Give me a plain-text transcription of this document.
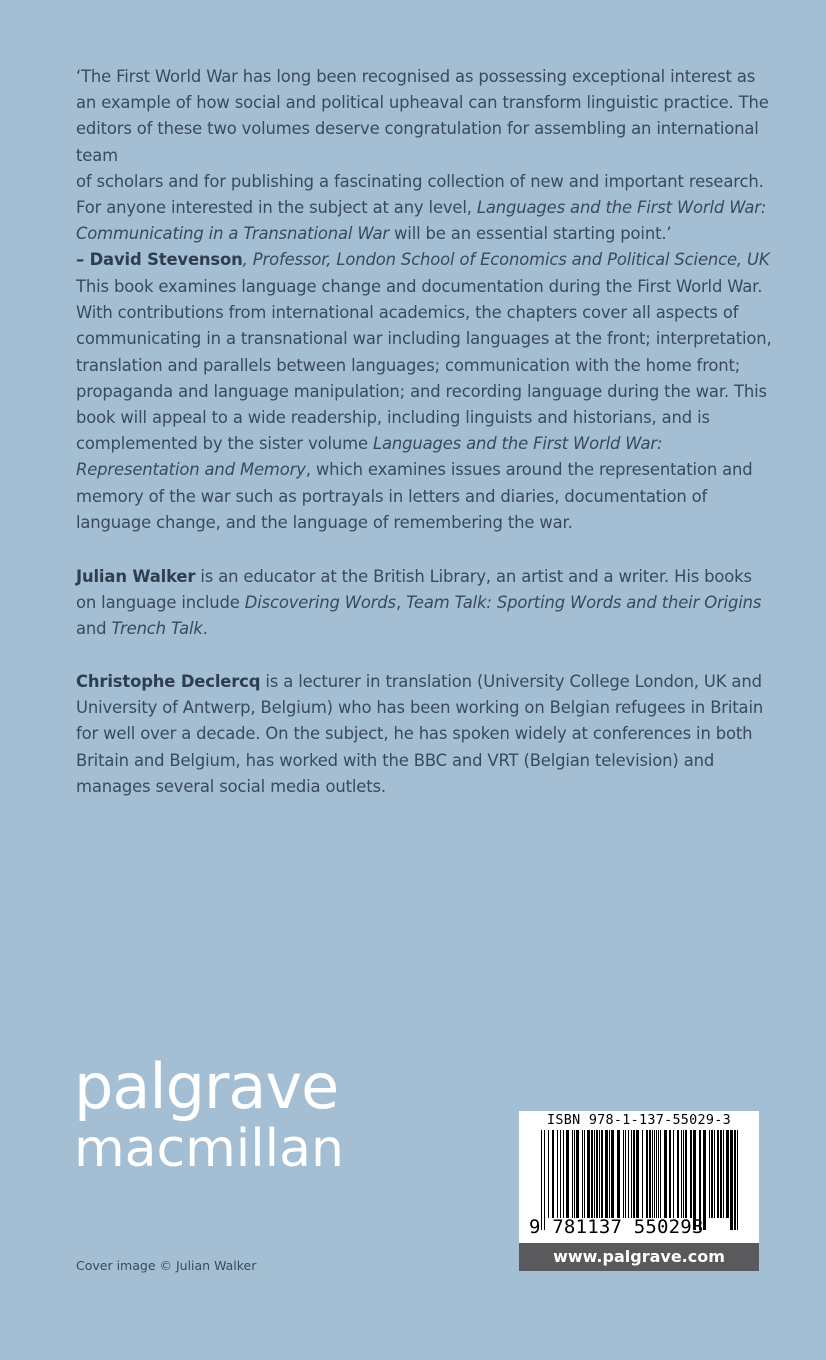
‘The First World War has long been recognised as possessing exceptional interest as
an example of how social and political upheaval can transform linguistic practice. The
editors of these two volumes deserve congratulation for assembling an international team
of scholars and for publishing a fascinating collection of new and important research.
For anyone interested in the subject at any level, Languages and the First World War:
Communicating in a Transnational War will be an essential starting point.’
– David Stevenson, Professor, London School of Economics and Political Science, UK

This book examines language change and documentation during the First World War. With contributions from international academics, the chapters cover all aspects of communicating in a transnational war including languages at the front; interpretation, translation and parallels between languages; communication with the home front; propaganda and language manipulation; and recording language during the war. This book will appeal to a wide readership, including linguists and historians, and is complemented by the sister volume Languages and the First World War: Representation and Memory, which examines issues around the representation and memory of the war such as portrayals in letters and diaries, documentation of language change, and the language of remembering the war.

Julian Walker is an educator at the British Library, an artist and a writer. His books on language include Discovering Words, Team Talk: Sporting Words and their Origins and Trench Talk.

Christophe Declercq is a lecturer in translation (University College London, UK and University of Antwerp, Belgium) who has been working on Belgian refugees in Britain for well over a decade. On the subject, he has spoken widely at conferences in both Britain and Belgium, has worked with the BBC and VRT (Belgian television) and manages several social media outlets.

palgrave
macmillan
Cover image © Julian Walker
ISBN 978-1-137-55029-3
9 781137 550293
www.palgrave.com
